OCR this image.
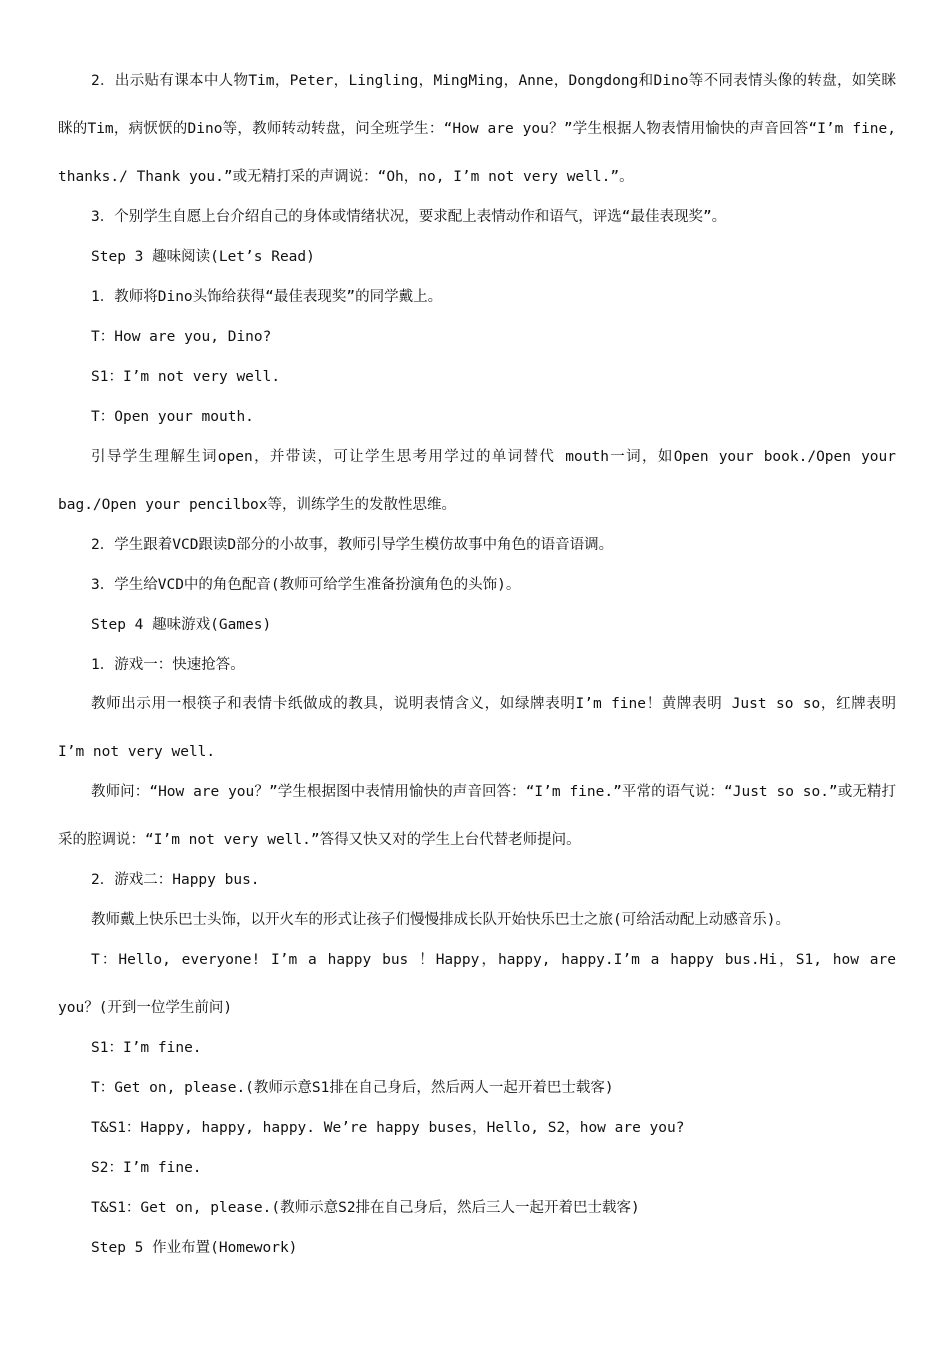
2．出示贴有课本中人物Tim，Peter，Lingling，MingMing，Anne，Dongdong和Dino等不同表情头像的转盘，如笑眯眯的Tim，病恹恹的Dino等，教师转动转盘，问全班学生：“How are you？”学生根据人物表情用愉快的声音回答“I’m fine, thanks./ Thank you.”或无精打采的声调说：“Oh，no, I’m not very well.”。
3．个别学生自愿上台介绍自己的身体或情绪状况，要求配上表情动作和语气，评选“最佳表现奖”。
Step 3 趣味阅读(Let’s Read)
1．教师将Dino头饰给获得“最佳表现奖”的同学戴上。
T：How are you, Dino?
S1：I’m not very well.
T：Open your mouth.
引导学生理解生词open，并带读，可让学生思考用学过的单词替代 mouth一词，如Open your book./Open your bag./Open your pencilbox等，训练学生的发散性思维。
2．学生跟着VCD跟读D部分的小故事，教师引导学生模仿故事中角色的语音语调。
3．学生给VCD中的角色配音(教师可给学生准备扮演角色的头饰)。
Step 4 趣味游戏(Games)
1．游戏一：快速抢答。
教师出示用一根筷子和表情卡纸做成的教具，说明表情含义，如绿牌表明I’m fine！黄牌表明 Just so so，红牌表明 I’m not very well.
教师问：“How are you？”学生根据图中表情用愉快的声音回答：“I’m fine.”平常的语气说：“Just so so.”或无精打采的腔调说：“I’m not very well.”答得又快又对的学生上台代替老师提问。
2．游戏二：Happy bus.
教师戴上快乐巴士头饰，以开火车的形式让孩子们慢慢排成长队开始快乐巴士之旅(可给活动配上动感音乐)。
T：Hello, everyone! I’m a happy bus ！Happy，happy, happy.I’m a happy bus.Hi，S1, how are you？(开到一位学生前问)
S1：I’m fine.
T：Get on, please.(教师示意S1排在自己身后，然后两人一起开着巴士载客)
T&S1：Happy, happy, happy. We’re happy buses，Hello, S2，how are you?
S2：I’m fine.
T&S1：Get on, please.(教师示意S2排在自己身后，然后三人一起开着巴士载客)
Step 5 作业布置(Homework)
